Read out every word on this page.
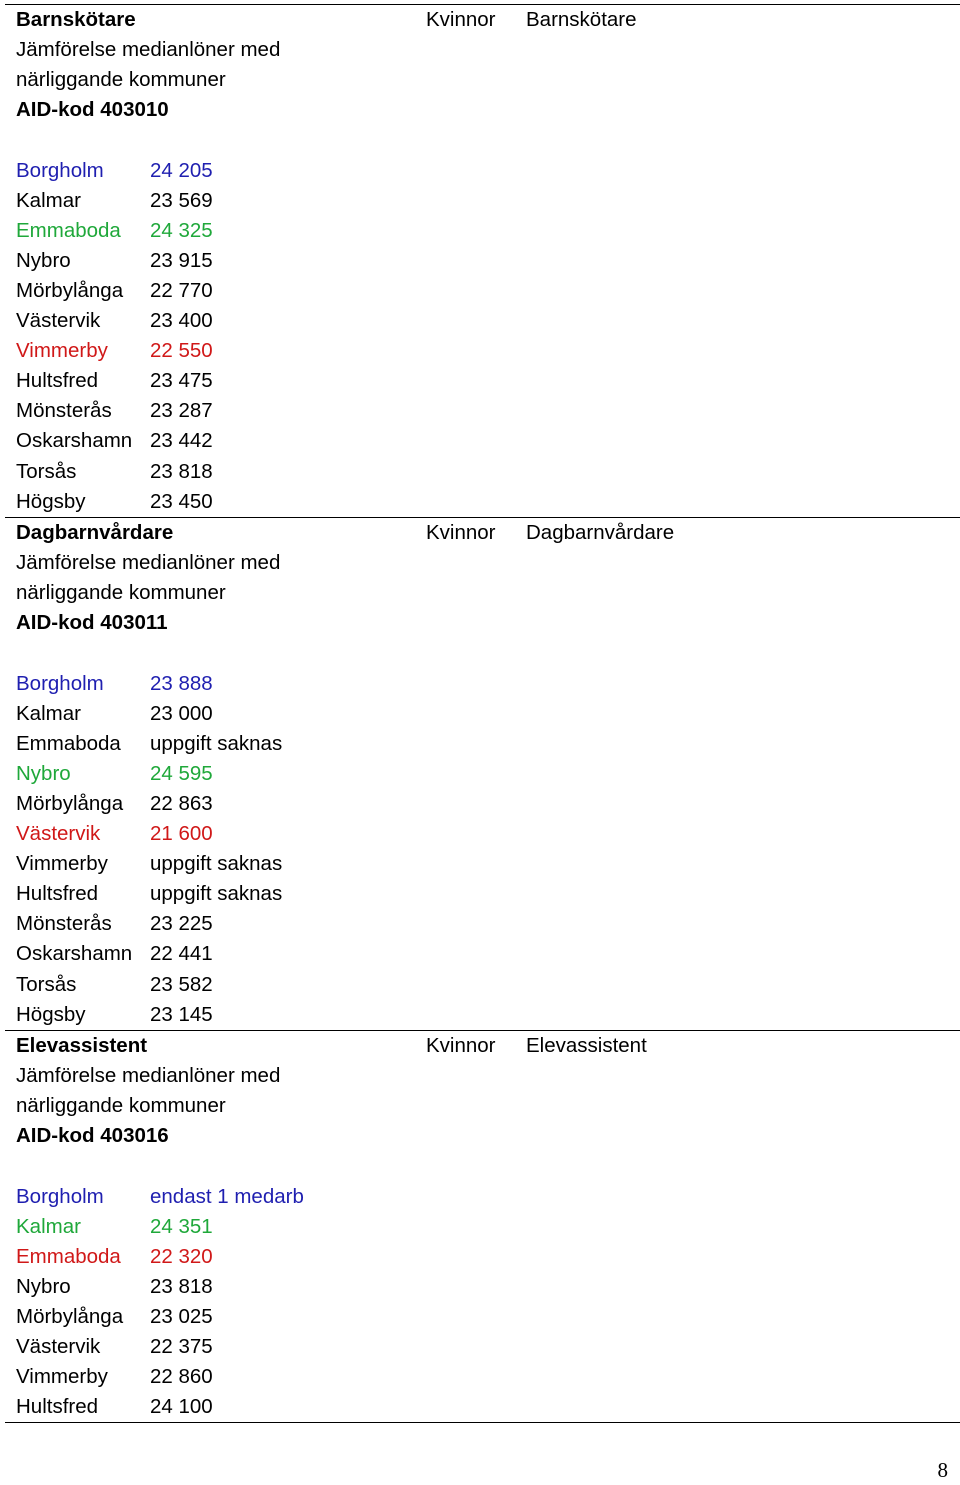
Barnskötare
Jämförelse medianlöner med
närliggande kommuner
AID-kod 403010
Kvinnor Barnskötare
Borgholm 24 205
Kalmar	23 569
Emmaboda 24 325
Nybro	23 915
Mörbylånga 22 770
Västervik 23 400
Vimmerby 22 550
Hultsfred	23 475
Mönsterås 23 287
Oskarshamn 23 442
Torsås	23 818
Högsby	23 450
Dagbarnvårdare
Jämförelse medianlöner med
närliggande kommuner
AID-kod 403011
Kvinnor Dagbarnvårdare
Borgholm 23 888
Kalmar	23 000
Emmaboda uppgift saknas
Nybro	24 595
Mörbylånga 22 863
Västervik 21 600
Vimmerby uppgift saknas
Hultsfred	uppgift saknas
Mönsterås 23 225
Oskarshamn 22 441
Torsås	23 582
Högsby	23 145
Elevassistent
Jämförelse medianlöner med
närliggande kommuner
AID-kod 403016
Kvinnor Elevassistent
Borgholm endast 1 medarb
Kalmar	24 351
Emmaboda 22 320
Nybro	23 818
Mörbylånga 23 025
Västervik 22 375
Vimmerby 22 860
Hultsfred	24 100
8
